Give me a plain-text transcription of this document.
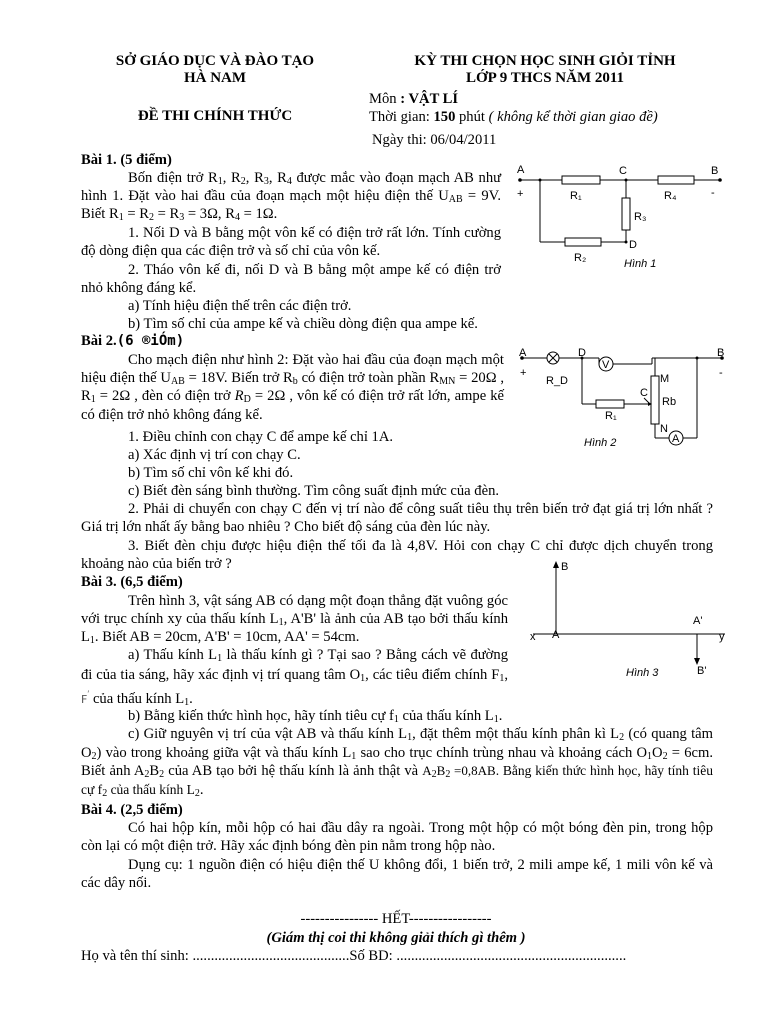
SỞ GIÁO DỤC VÀ ĐÀO TẠO
HÀ NAM
KỲ THI CHỌN HỌC SINH GIỎI TỈNH
LỚP 9 THCS NĂM 2011
ĐỀ THI CHÍNH THỨC
Môn : VẬT LÍ
Thời gian: 150 phút ( không kể thời gian giao đề)
Ngày thi: 06/04/2011
Bài 1. (5 điểm)
Bốn điện trở $R_1$, $R_2$, $R_3$, $R_4$ được mắc vào đoạn mạch AB như hình 1. Đặt vào hai đầu của đoạn mạch một hiệu điện thế $U_{AB} = 9V$. Biết $R_1 = R_2 = R_3 = 3\Omega$, $R_4 = 1\Omega$.
1. Nối D và B bằng một vôn kế có điện trở rất lớn. Tính cường độ dòng điện qua các điện trở và số chỉ của vôn kế.
2. Tháo vôn kế đi, nối D và B bằng một ampe kế có điện trở nhỏ không đáng kể.
a) Tính hiệu điện thế trên các điện trở.
b) Tìm số chỉ của ampe kế và chiều dòng điện qua ampe kế.
A
+
C	B
-
R₁	R₄
R₃
D
R₂	Hình 1
Bài 2.(6 ®iÓm)
Cho mạch điện như hình 2: Đặt vào hai đầu của đoạn mạch một hiệu điện thế $U_{AB} = 18V$. Biến trở $R_b$ có điện trở toàn phần $R_{MN} = 20\Omega$ , $R_1 = 2\Omega$ , đèn có điện trở $R_D = 2\Omega$ , vôn kế có điện trở rất lớn, ampe kế có điện trở nhỏ không đáng kể.
1. Điều chỉnh con chạy C để ampe kế chỉ 1A.
a) Xác định vị trí con chạy C.
b) Tìm số chỉ vôn kế khi đó.
c) Biết đèn sáng bình thường. Tìm công suất định mức của đèn.
2. Phải di chuyển con chạy C đến vị trí nào để công suất tiêu thụ trên biến trở đạt giá trị lớn nhất ? Giá trị lớn nhất ấy bằng bao nhiêu ? Cho biết độ sáng của đèn lúc này.
3. Biết đèn chịu được hiệu điện thế tối đa là 4,8V. Hỏi con chạy C chỉ được dịch chuyển trong khoảng nào của biến trở ?
A
+
R_D
D
V
B
-
M
C
Rb
R₁
N
A
Hình 2
Bài 3. (6,5 điểm)
Trên hình 3, vật sáng AB có dạng một đoạn thẳng đặt vuông góc với trục chính xy của thấu kính $L_1$, A'B' là ảnh của AB tạo bởi thấu kính $L_1$. Biết AB = 20cm, A'B' = 10cm, AA' = 54cm.
a) Thấu kính $L_1$ là thấu kính gì ? Tại sao ? Bằng cách vẽ đường đi của tia sáng, hãy xác định vị trí quang tâm $O_1$, các tiêu điểm chính $F_1$, F′ của thấu kính $L_1$.
b) Bằng kiến thức hình học, hãy tính tiêu cự $f_1$ của thấu kính $L_1$.
c) Giữ nguyên vị trí của vật AB và thấu kính $L_1$, đặt thêm một thấu kính phân kì $L_2$ (có quang tâm $O_2$) vào trong khoảng giữa vật và thấu kính $L_1$ sao cho trục chính trùng nhau và khoảng cách $O_1O_2 = 6cm$. Biết ảnh $A_2B_2$ của AB tạo bởi hệ thấu kính là ảnh thật và $A_2B_2 =0,8AB$. Bằng kiến thức hình học, hãy tính tiêu cự $f_2$ của thấu kính $L_2$.
B
x A
A'
y
B'
Hình 3
Bài 4. (2,5 điểm)
Có hai hộp kín, mỗi hộp có hai đầu dây ra ngoài. Trong một hộp có một bóng đèn pin, trong hộp còn lại có một điện trở. Hãy xác định bóng đèn pin nằm trong hộp nào.
Dụng cụ: 1 nguồn điện có hiệu điện thế U không đổi, 1 biến trở, 2 mili ampe kế, 1 mili vôn kế và các dây nối.
---------------- HẾT-----------------
(Giám thị coi thi không giải thích gì thêm )
Họ và tên thí sinh: ...........................................Số BD: ...............................................................
